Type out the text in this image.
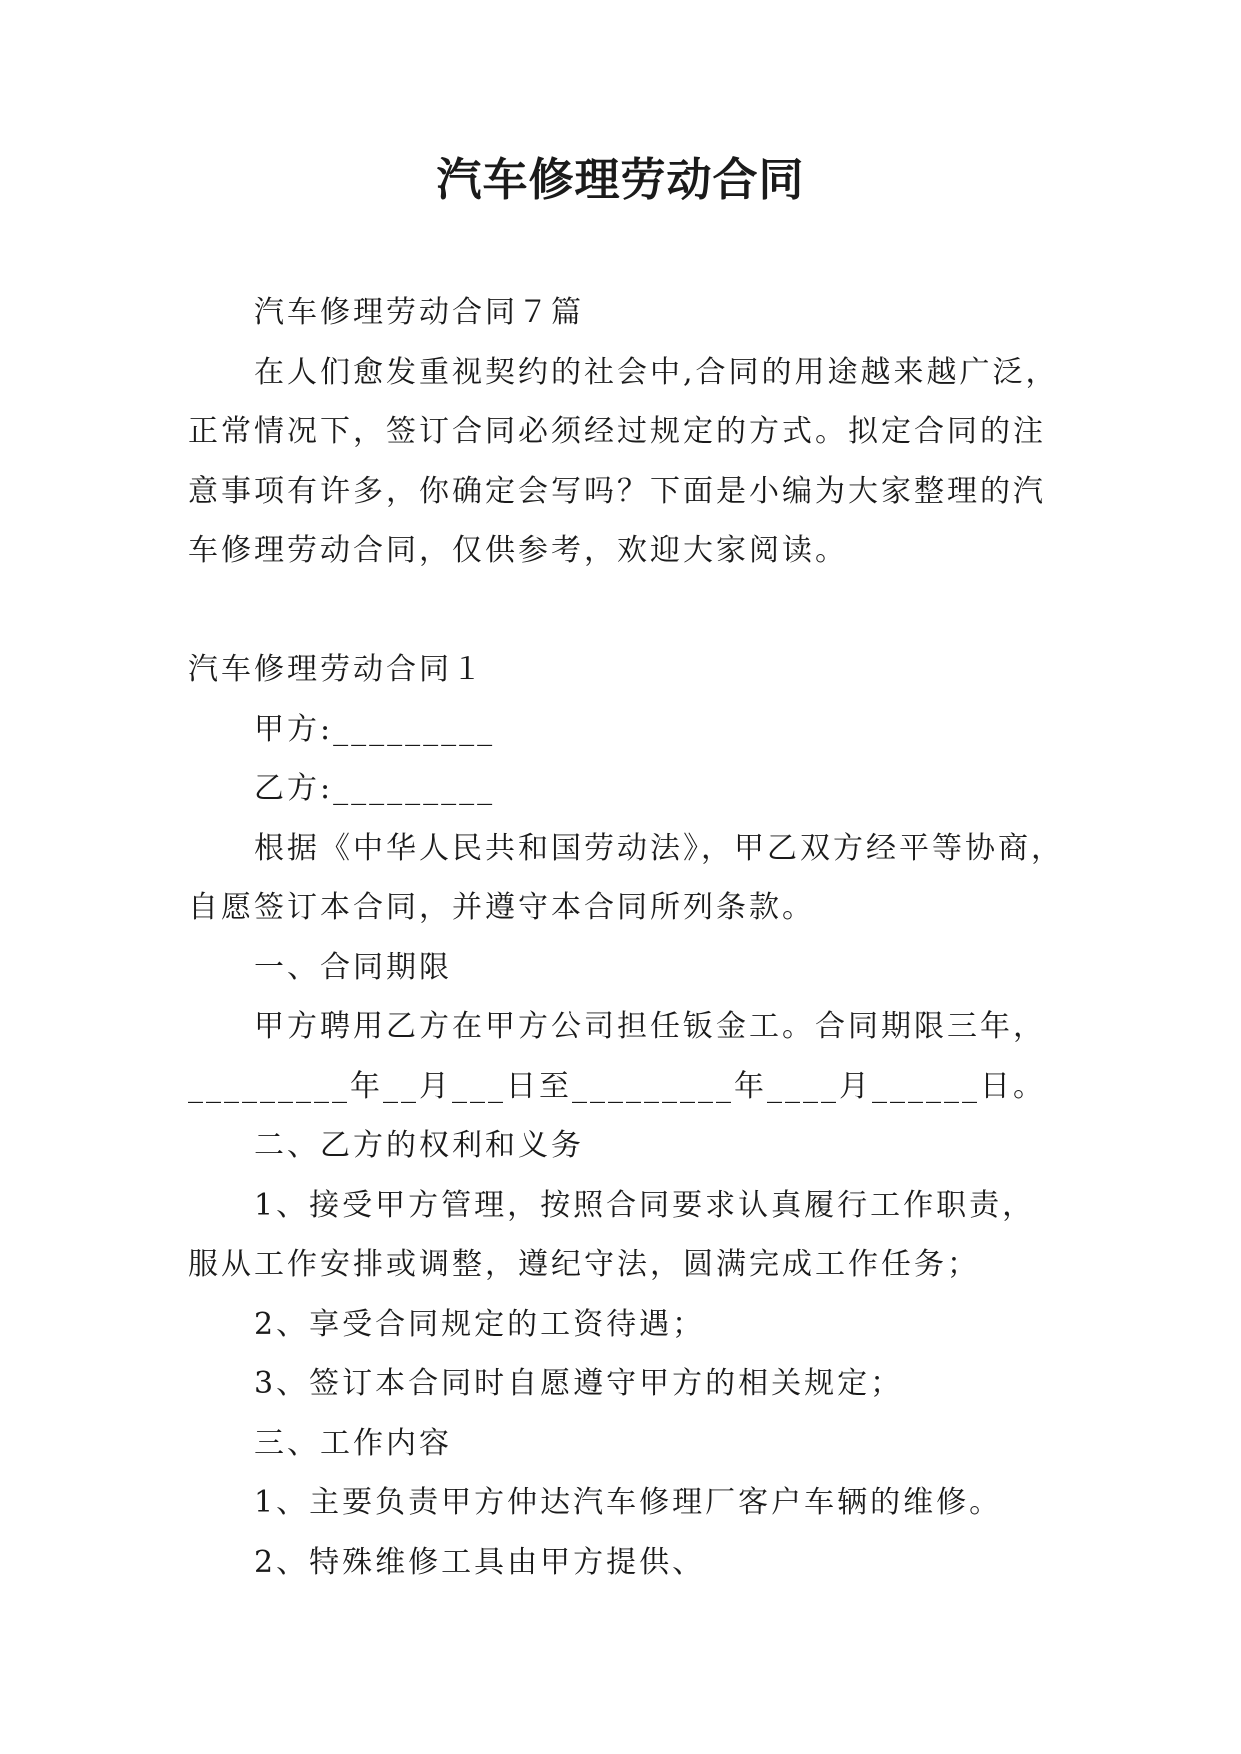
汽车修理劳动合同

汽车修理劳动合同７篇

在人们愈发重视契约的社会中,合同的用途越来越广泛，

正常情况下，签订合同必须经过规定的方式。拟定合同的注

意事项有许多，你确定会写吗？下面是小编为大家整理的汽

车修理劳动合同，仅供参考，欢迎大家阅读。

汽车修理劳动合同１

甲方:_________

乙方:_________

根据《中华人民共和国劳动法》，甲乙双方经平等协商，

自愿签订本合同，并遵守本合同所列条款。

一、合同期限

甲方聘用乙方在甲方公司担任钣金工。合同期限三年，

_________年__月___日至_________年____月______日。

二、乙方的权利和义务

1、接受甲方管理，按照合同要求认真履行工作职责，

服从工作安排或调整，遵纪守法，圆满完成工作任务；

2、享受合同规定的工资待遇；

3、签订本合同时自愿遵守甲方的相关规定；

三、工作内容

1、主要负责甲方仲达汽车修理厂客户车辆的维修。

2、特殊维修工具由甲方提供、
